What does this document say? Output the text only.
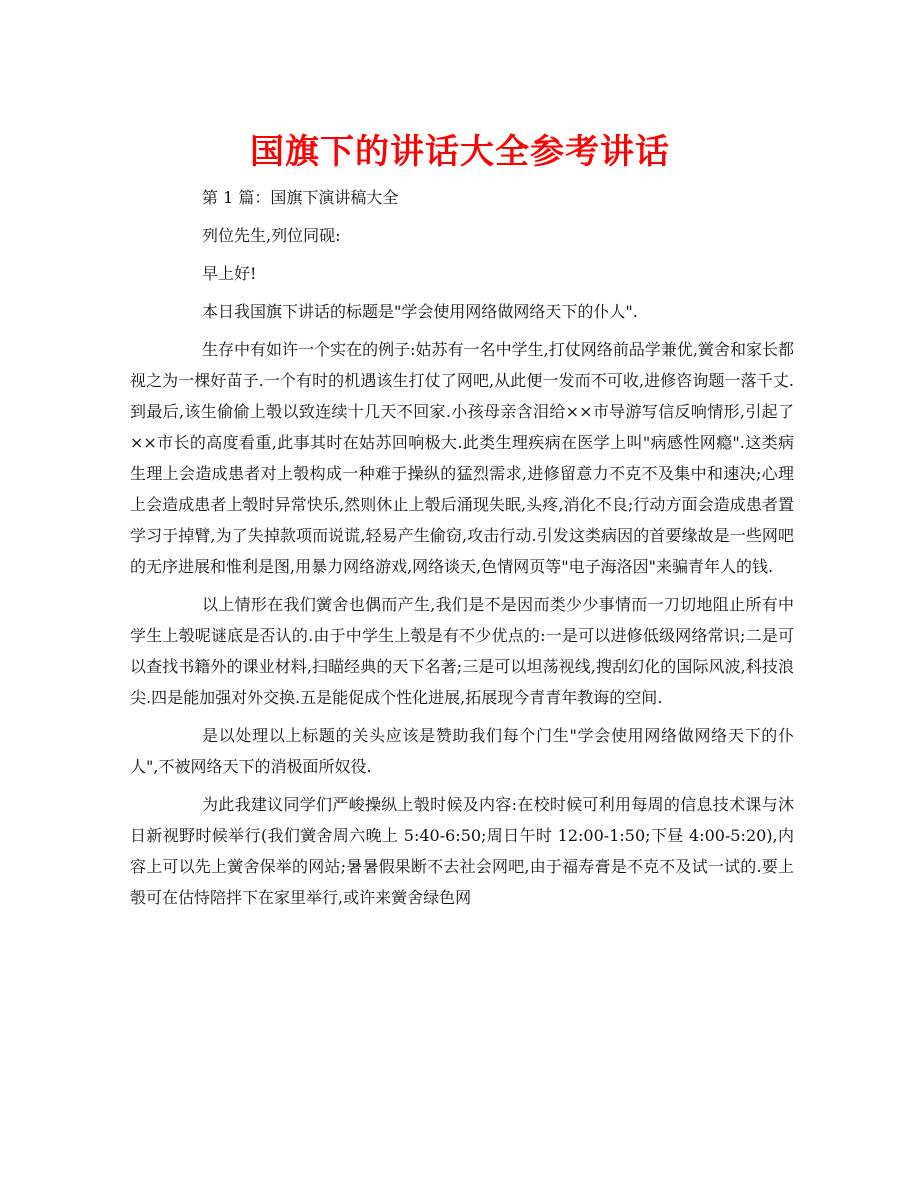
国旗下的讲话大全参考讲话

第 1 篇：国旗下演讲稿大全

列位先生,列位同砚:

早上好!

本日我国旗下讲话的标题是"学会使用网络做网络天下的仆人".

生存中有如许一个实在的例子:姑苏有一名中学生,打仗网络前品学兼优,黉舍和家长都视之为一棵好苗子.一个有时的机遇该生打仗了网吧,从此便一发而不可收,进修咨询题一落千丈.到最后,该生偷偷上彀以致连续十几天不回家.小孩母亲含泪给××市导游写信反响情形,引起了××市长的高度看重,此事其时在姑苏回响极大.此类生理疾病在医学上叫"病感性网瘾".这类病生理上会造成患者对上彀构成一种难于操纵的猛烈需求,进修留意力不克不及集中和速决;心理上会造成患者上彀时异常快乐,然则休止上彀后涌现失眠,头疼,消化不良;行动方面会造成患者置学习于掉臂,为了失掉款项而说谎,轻易产生偷窃,攻击行动.引发这类病因的首要缘故是一些网吧的无序进展和惟利是图,用暴力网络游戏,网络谈天,色情网页等"电子海洛因"来骗青年人的钱.

以上情形在我们黉舍也偶而产生,我们是不是因而类少少事情而一刀切地阻止所有中学生上彀呢谜底是否认的.由于中学生上彀是有不少优点的:一是可以进修低级网络常识;二是可以查找书籍外的课业材料,扫瞄经典的天下名著;三是可以坦荡视线,搜刮幻化的国际风波,科技浪尖.四是能加强对外交换.五是能促成个性化进展,拓展现今青青年教诲的空间.

是以处理以上标题的关头应该是赞助我们每个门生"学会使用网络做网络天下的仆人",不被网络天下的消极面所奴役.

为此我建议同学们严峻操纵上彀时候及内容:在校时候可利用每周的信息技术课与沐日新视野时候举行(我们黉舍周六晚上 5:40-6:50;周日午时 12:00-1:50;下昼 4:00-5:20),内容上可以先上黉舍保举的网站;暑暑假果断不去社会网吧,由于福寿膏是不克不及试一试的.要上彀可在估恃陪拌下在家里举行,或许来黉舍绿色网
